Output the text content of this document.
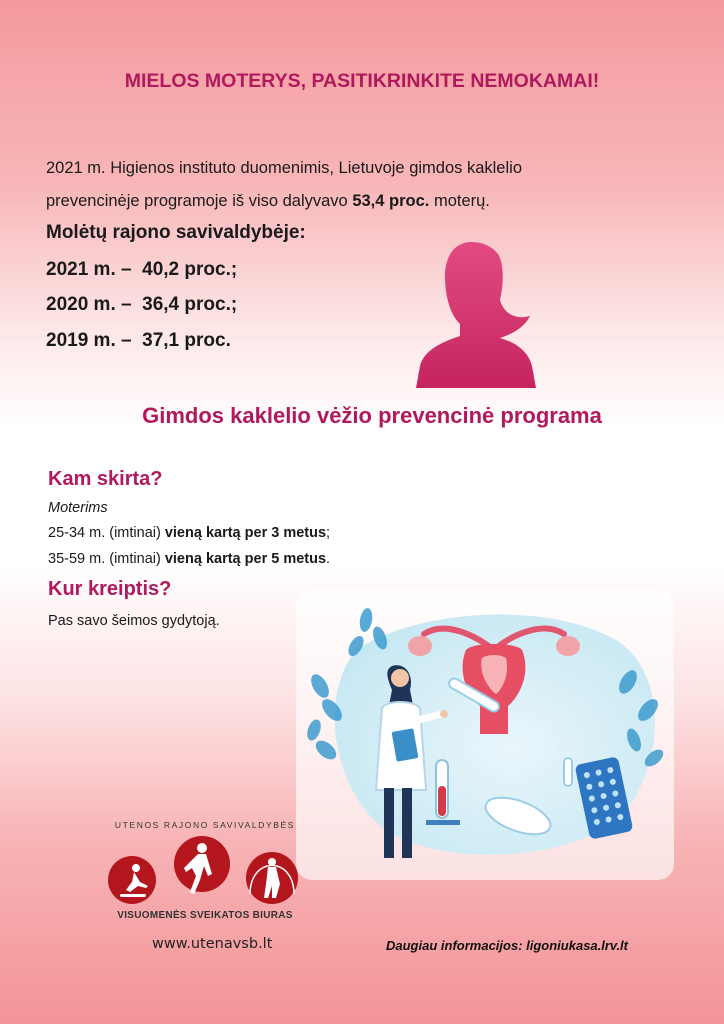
MIELOS MOTERYS, PASITIKRINKITE NEMOKAMAI!
2021 m. Higienos instituto duomenimis, Lietuvoje gimdos kaklelio prevencinėje programoje iš viso dalyvavo 53,4 proc. moterų.
Molėtų rajono savivaldybėje:
2021 m. – 40,2 proc.;
2020 m. – 36,4 proc.;
2019 m. – 37,1 proc.
Gimdos kaklelio vėžio prevencinė programa
Kam skirta?
Moterims
25-34 m. (imtinai) vieną kartą per 3 metus;
35-59 m. (imtinai) vieną kartą per 5 metus.
Kur kreiptis?
Pas savo šeimos gydytoją.
UTENOS RAJONO SAVIVALDYBĖS
VISUOMENĖS SVEIKATOS BIURAS
www.utenavsb.lt	Daugiau informacijos: ligoniukasa.lrv.lt
